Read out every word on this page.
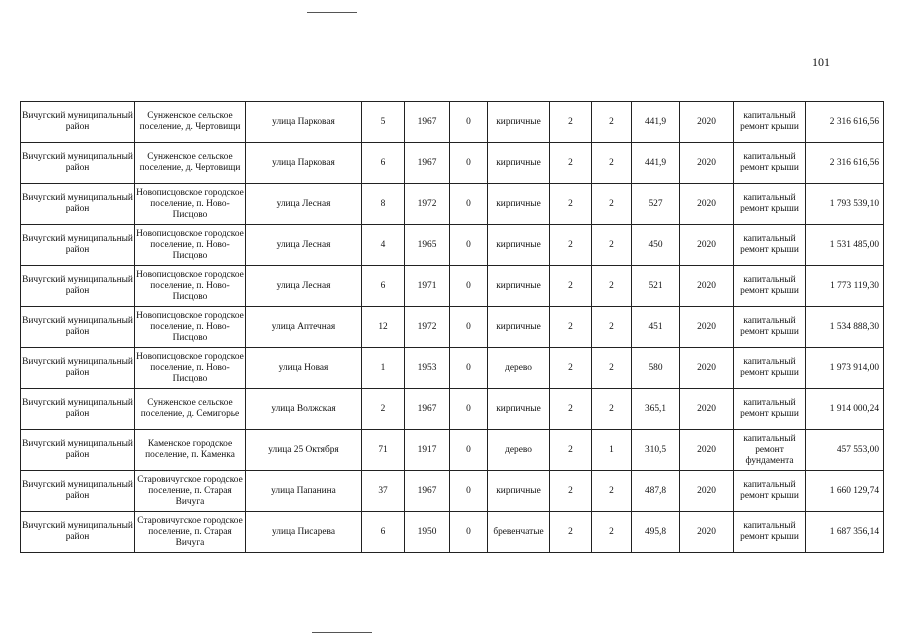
101
Вичугский муниципальный район	Сунженское сельское поселение, д. Чертовищи	улица Парковая	5	1967	0	кирпичные	2	2	441,9	2020	капитальный ремонт крыши	2 316 616,56
Вичугский муниципальный район	Сунженское сельское поселение, д. Чертовищи	улица Парковая	6	1967	0	кирпичные	2	2	441,9	2020	капитальный ремонт крыши	2 316 616,56
Вичугский муниципальный район	Новописцовское городское поселение, п. Ново-Писцово	улица Лесная	8	1972	0	кирпичные	2	2	527	2020	капитальный ремонт крыши	1 793 539,10
Вичугский муниципальный район	Новописцовское городское поселение, п. Ново-Писцово	улица Лесная	4	1965	0	кирпичные	2	2	450	2020	капитальный ремонт крыши	1 531 485,00
Вичугский муниципальный район	Новописцовское городское поселение, п. Ново-Писцово	улица Лесная	6	1971	0	кирпичные	2	2	521	2020	капитальный ремонт крыши	1 773 119,30
Вичугский муниципальный район	Новописцовское городское поселение, п. Ново-Писцово	улица Аптечная	12	1972	0	кирпичные	2	2	451	2020	капитальный ремонт крыши	1 534 888,30
Вичугский муниципальный район	Новописцовское городское поселение, п. Ново-Писцово	улица Новая	1	1953	0	дерево	2	2	580	2020	капитальный ремонт крыши	1 973 914,00
Вичугский муниципальный район	Сунженское сельское поселение, д. Семигорье	улица Волжская	2	1967	0	кирпичные	2	2	365,1	2020	капитальный ремонт крыши	1 914 000,24
Вичугский муниципальный район	Каменское городское поселение, п. Каменка	улица 25 Октября	71	1917	0	дерево	2	1	310,5	2020	капитальный ремонт фундамента	457 553,00
Вичугский муниципальный район	Старовичугское городское поселение, п. Старая Вичуга	улица Папанина	37	1967	0	кирпичные	2	2	487,8	2020	капитальный ремонт крыши	1 660 129,74
Вичугский муниципальный район	Старовичугское городское поселение, п. Старая Вичуга	улица Писарева	6	1950	0	бревенчатые	2	2	495,8	2020	капитальный ремонт крыши	1 687 356,14
